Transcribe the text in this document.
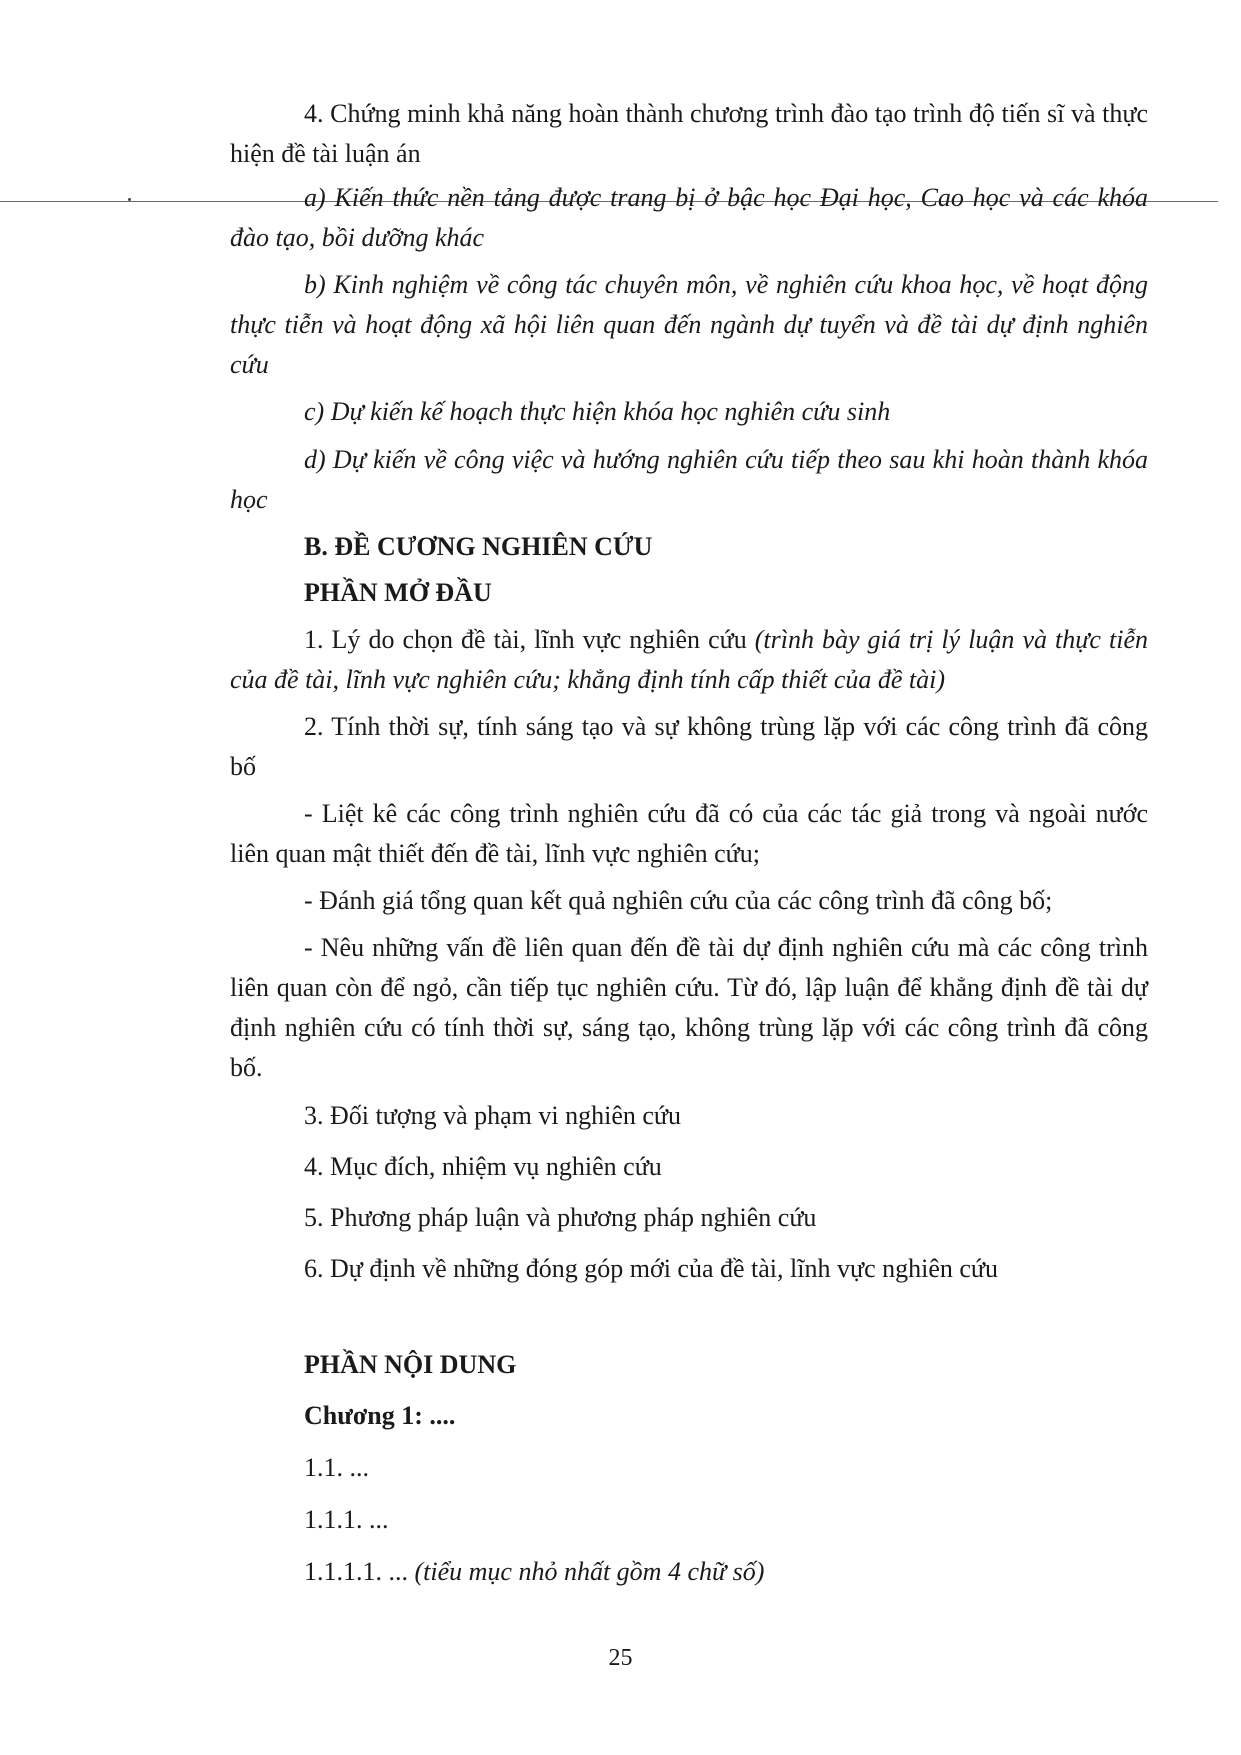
4. Chứng minh khả năng hoàn thành chương trình đào tạo trình độ tiến sĩ và thực hiện đề tài luận án

a) Kiến thức nền tảng được trang bị ở bậc học Đại học, Cao học và các khóa đào tạo, bồi dưỡng khác

b) Kinh nghiệm về công tác chuyên môn, về nghiên cứu khoa học, về hoạt động thực tiễn và hoạt động xã hội liên quan đến ngành dự tuyển và đề tài dự định nghiên cứu

c) Dự kiến kế hoạch thực hiện khóa học nghiên cứu sinh

d) Dự kiến về công việc và hướng nghiên cứu tiếp theo sau khi hoàn thành khóa học

B. ĐỀ CƯƠNG NGHIÊN CỨU

PHẦN MỞ ĐẦU

1. Lý do chọn đề tài, lĩnh vực nghiên cứu (trình bày giá trị lý luận và thực tiễn của đề tài, lĩnh vực nghiên cứu; khẳng định tính cấp thiết của đề tài)

2. Tính thời sự, tính sáng tạo và sự không trùng lặp với các công trình đã công bố

- Liệt kê các công trình nghiên cứu đã có của các tác giả trong và ngoài nước liên quan mật thiết đến đề tài, lĩnh vực nghiên cứu;

- Đánh giá tổng quan kết quả nghiên cứu của các công trình đã công bố;

- Nêu những vấn đề liên quan đến đề tài dự định nghiên cứu mà các công trình liên quan còn để ngỏ, cần tiếp tục nghiên cứu. Từ đó, lập luận để khẳng định đề tài dự định nghiên cứu có tính thời sự, sáng tạo, không trùng lặp với các công trình đã công bố.

3. Đối tượng và phạm vi nghiên cứu

4. Mục đích, nhiệm vụ nghiên cứu

5. Phương pháp luận và phương pháp nghiên cứu

6. Dự định về những đóng góp mới của đề tài, lĩnh vực nghiên cứu

PHẦN NỘI DUNG

Chương 1: ....

1.1. ...

1.1.1. ...

1.1.1.1. ... (tiểu mục nhỏ nhất gồm 4 chữ số)

25
